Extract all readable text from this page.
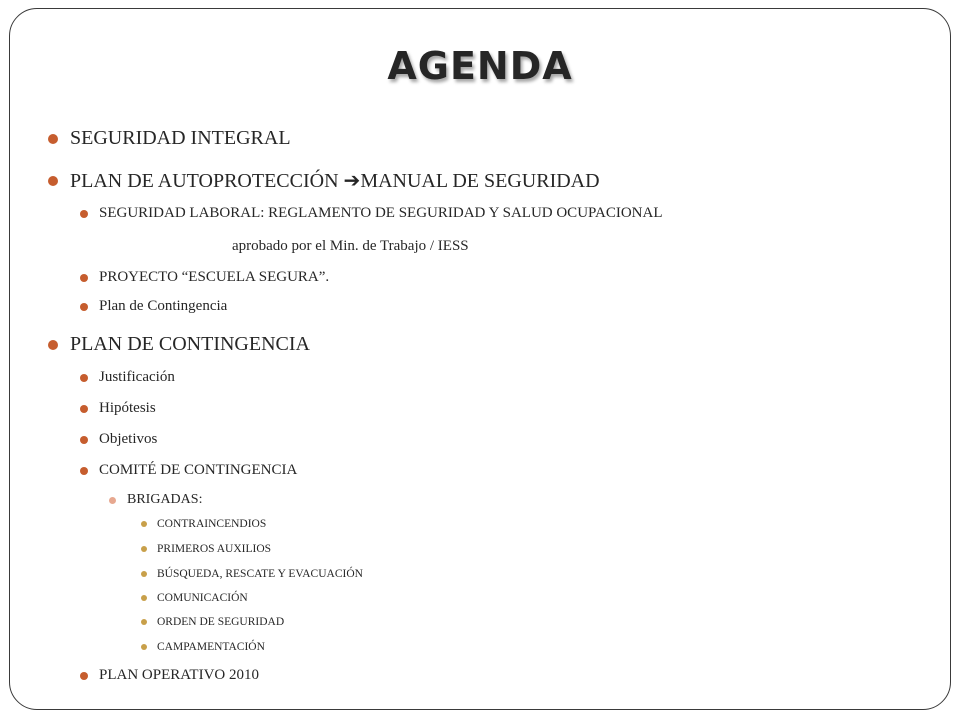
AGENDA
SEGURIDAD INTEGRAL
PLAN DE AUTOPROTECCIÓN ➔MANUAL DE SEGURIDAD
SEGURIDAD LABORAL: REGLAMENTO DE SEGURIDAD Y SALUD OCUPACIONAL
aprobado por el Min. de Trabajo / IESS
PROYECTO “ESCUELA SEGURA”.
Plan de Contingencia
PLAN DE CONTINGENCIA
Justificación
Hipótesis
Objetivos
COMITÉ DE CONTINGENCIA
BRIGADAS:
CONTRAINCENDIOS
PRIMEROS AUXILIOS
BÚSQUEDA, RESCATE Y EVACUACIÓN
COMUNICACIÓN
ORDEN DE SEGURIDAD
CAMPAMENTACIÓN
PLAN OPERATIVO 2010
